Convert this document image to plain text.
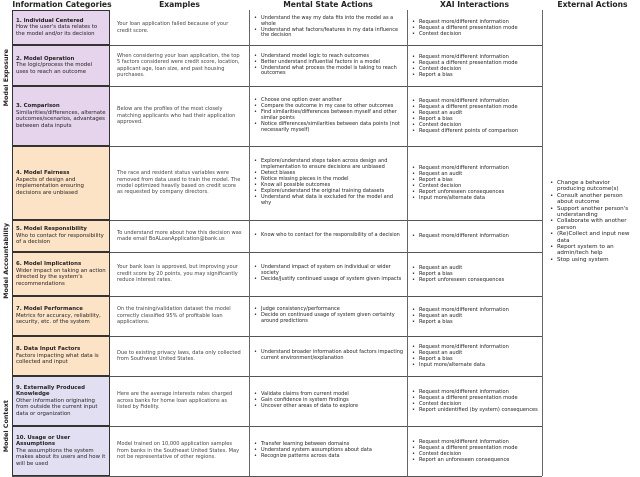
Information Categories	Examples	Mental State Actions	XAI Interactions	External Actions
Model Exposure
Model Accountability
Model Context
1. Individual Centered
How the user's data relates to the model and/or its decision
Your loan application failed because of your credit score.
• Understand the way my data fits into the model as a whole
• Understand what factors/features in my data influence the decision
• Request more/different information
• Request a different presentation mode
• Contest decision
2. Model Operation
The logic/process the model uses to reach an outcome
When considering your loan application, the top 5 factors considered were credit score, location, applicant age, loan size, and past housing purchases.
• Understand model logic to reach outcomes
• Better understand influential factors in a model
• Understand what process the model is taking to reach outcomes
• Request more/different information
• Request a different presentation mode
• Contest decision
• Report a bias
3. Comparison
Similarities/differences, alternate outcomes/scenarios, advantages between data inputs
Below are the profiles of the most closely matching applicants who had their application approved.
• Choose one option over another
• Compare the outcome in my case to other outcomes
• Find similarities/differences between myself and other similar points
• Notice differences/similarities between data points (not necessarily myself)
• Request more/different information
• Request a different presentation mode
• Request an audit
• Report a bias
• Contest decision
• Request different points of comparison
4. Model Fairness
Aspects of design and implementation ensuring decisions are unbiased
The race and resident status variables were removed from data used to train the model. The model optimized heavily based on credit score as requested by company directors.
• Explore/understand steps taken across design and implementation to ensure decisions are unbiased
• Detect biases
• Notice missing pieces in the model
• Know all possible outcomes
• Explore/understand the original training datasets
• Understand what data is excluded for the model and why
• Request more/different information
• Request an audit
• Report a bias
• Contest decision
• Report unforeseen consequences
• Input more/alternate data
5. Model Responsibility
Who to contact for responsibility of a decision
To understand more about how this decision was made email BoALoanApplication@bank.us
• Know who to contact for the responsibility of a decision
•	Request more/different information
6. Model Implications
Wider impact on taking an action directed by the system's recommendations
Your bank loan is approved, but improving your credit score by 20 points, you may significantly reduce interest rates.
• Understand impact of system on individual or wider society
• Decide/Justify continued usage of system given impacts
• Request an audit
• Report a bias
• Report unforeseen consequences
7. Model Performance
Metrics for accuracy, reliability, security, etc. of the system
On the training/validation dataset the model correctly classified 95% of profitable loan applications.
• Judge consistency/performance
• Decide on continued usage of system given certainty around predictions
• Request more/different information
• Request an audit
• Report a bias
8. Data Input Factors
Factors impacting what data is collected and input
Due to existing privacy laws, data only collected from Southwest United States.
• Understand broader information about factors impacting current environment/explanation
• Request more/different information
• Request an audit
• Report a bias
• Input more/alternate data
9. Externally Produced Knowledge
Other information originating from outside the current input data or organization
Here are the average interests rates charged across banks for home loan applications as listed by Fidelity.
• Validate claims from current model
• Gain confidence in system findings
• Uncover other areas of data to explore
• Request more/different information
• Request a different presentation mode
• Contest decision
• Report unidentified (by system) consequences
10. Usage or User Assumptions
The assumptions the system makes about its users and how it will be used
Model trained on 10,000 application samples from banks in the Southeast United States. May not be representative of other regions.
• Transfer learning between domains
• Understand system assumptions about data
• Recognize patterns across data
• Request more/different information
• Request a different presentation mode
• Contest decision
• Report an unforeseen consequence
• Change a behavior producing outcome(s)
• Consult another person about outcome
• Support another person's understanding
• Collaborate with another person
• (Re)Collect and input new data
• Report system to an admin/tech help
• Stop using system
